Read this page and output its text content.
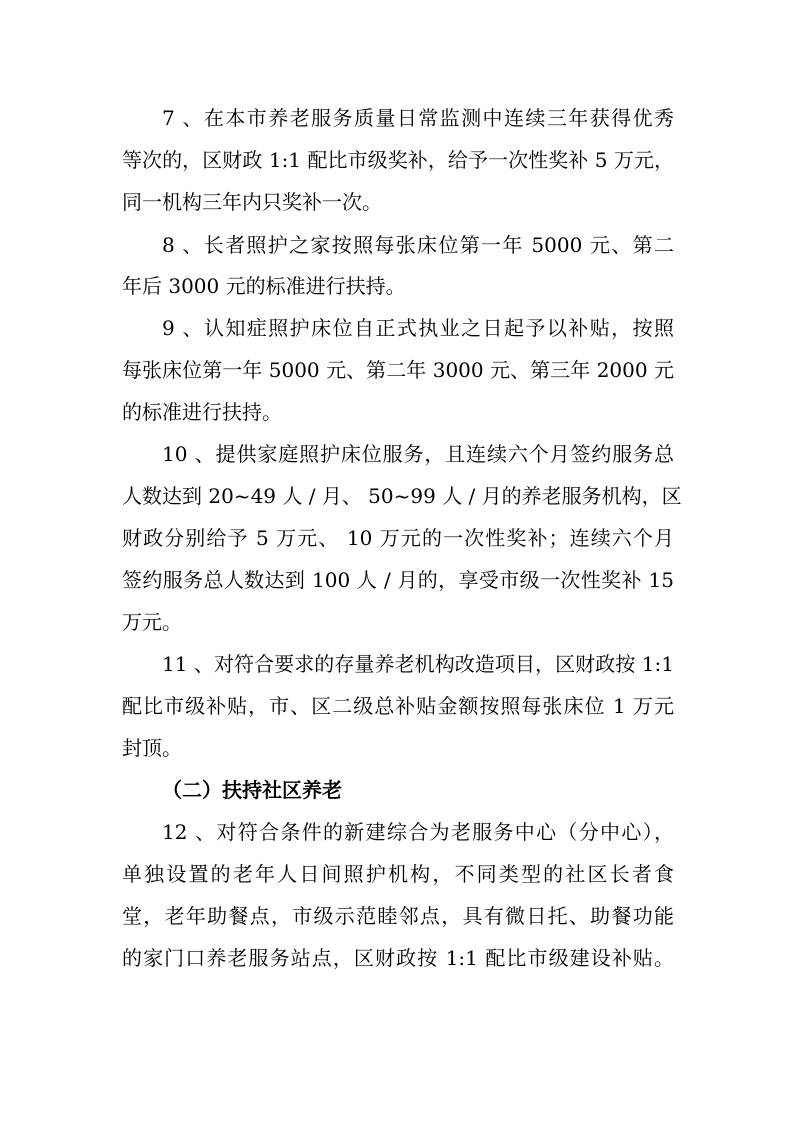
7 、在本市养老服务质量日常监测中连续三年获得优秀
等次的，区财政 1:1 配比市级奖补，给予一次性奖补 5 万元，
同一机构三年内只奖补一次。
8 、长者照护之家按照每张床位第一年 5000 元、第二
年后 3000 元的标准进行扶持。
9 、认知症照护床位自正式执业之日起予以补贴，按照
每张床位第一年 5000 元、第二年 3000 元、第三年 2000 元
的标准进行扶持。
10 、提供家庭照护床位服务，且连续六个月签约服务总
人数达到 20~49 人 / 月、 50~99 人 / 月的养老服务机构，区
财政分别给予 5 万元、 10 万元的一次性奖补；连续六个月
签约服务总人数达到 100 人 / 月的，享受市级一次性奖补 15
万元。
11 、对符合要求的存量养老机构改造项目，区财政按 1:1
配比市级补贴，市、区二级总补贴金额按照每张床位 1 万元
封顶。
（二）扶持社区养老
12 、对符合条件的新建综合为老服务中心（分中心），
单独设置的老年人日间照护机构，不同类型的社区长者食
堂，老年助餐点，市级示范睦邻点，具有微日托、助餐功能
的家门口养老服务站点，区财政按 1:1 配比市级建设补贴。
